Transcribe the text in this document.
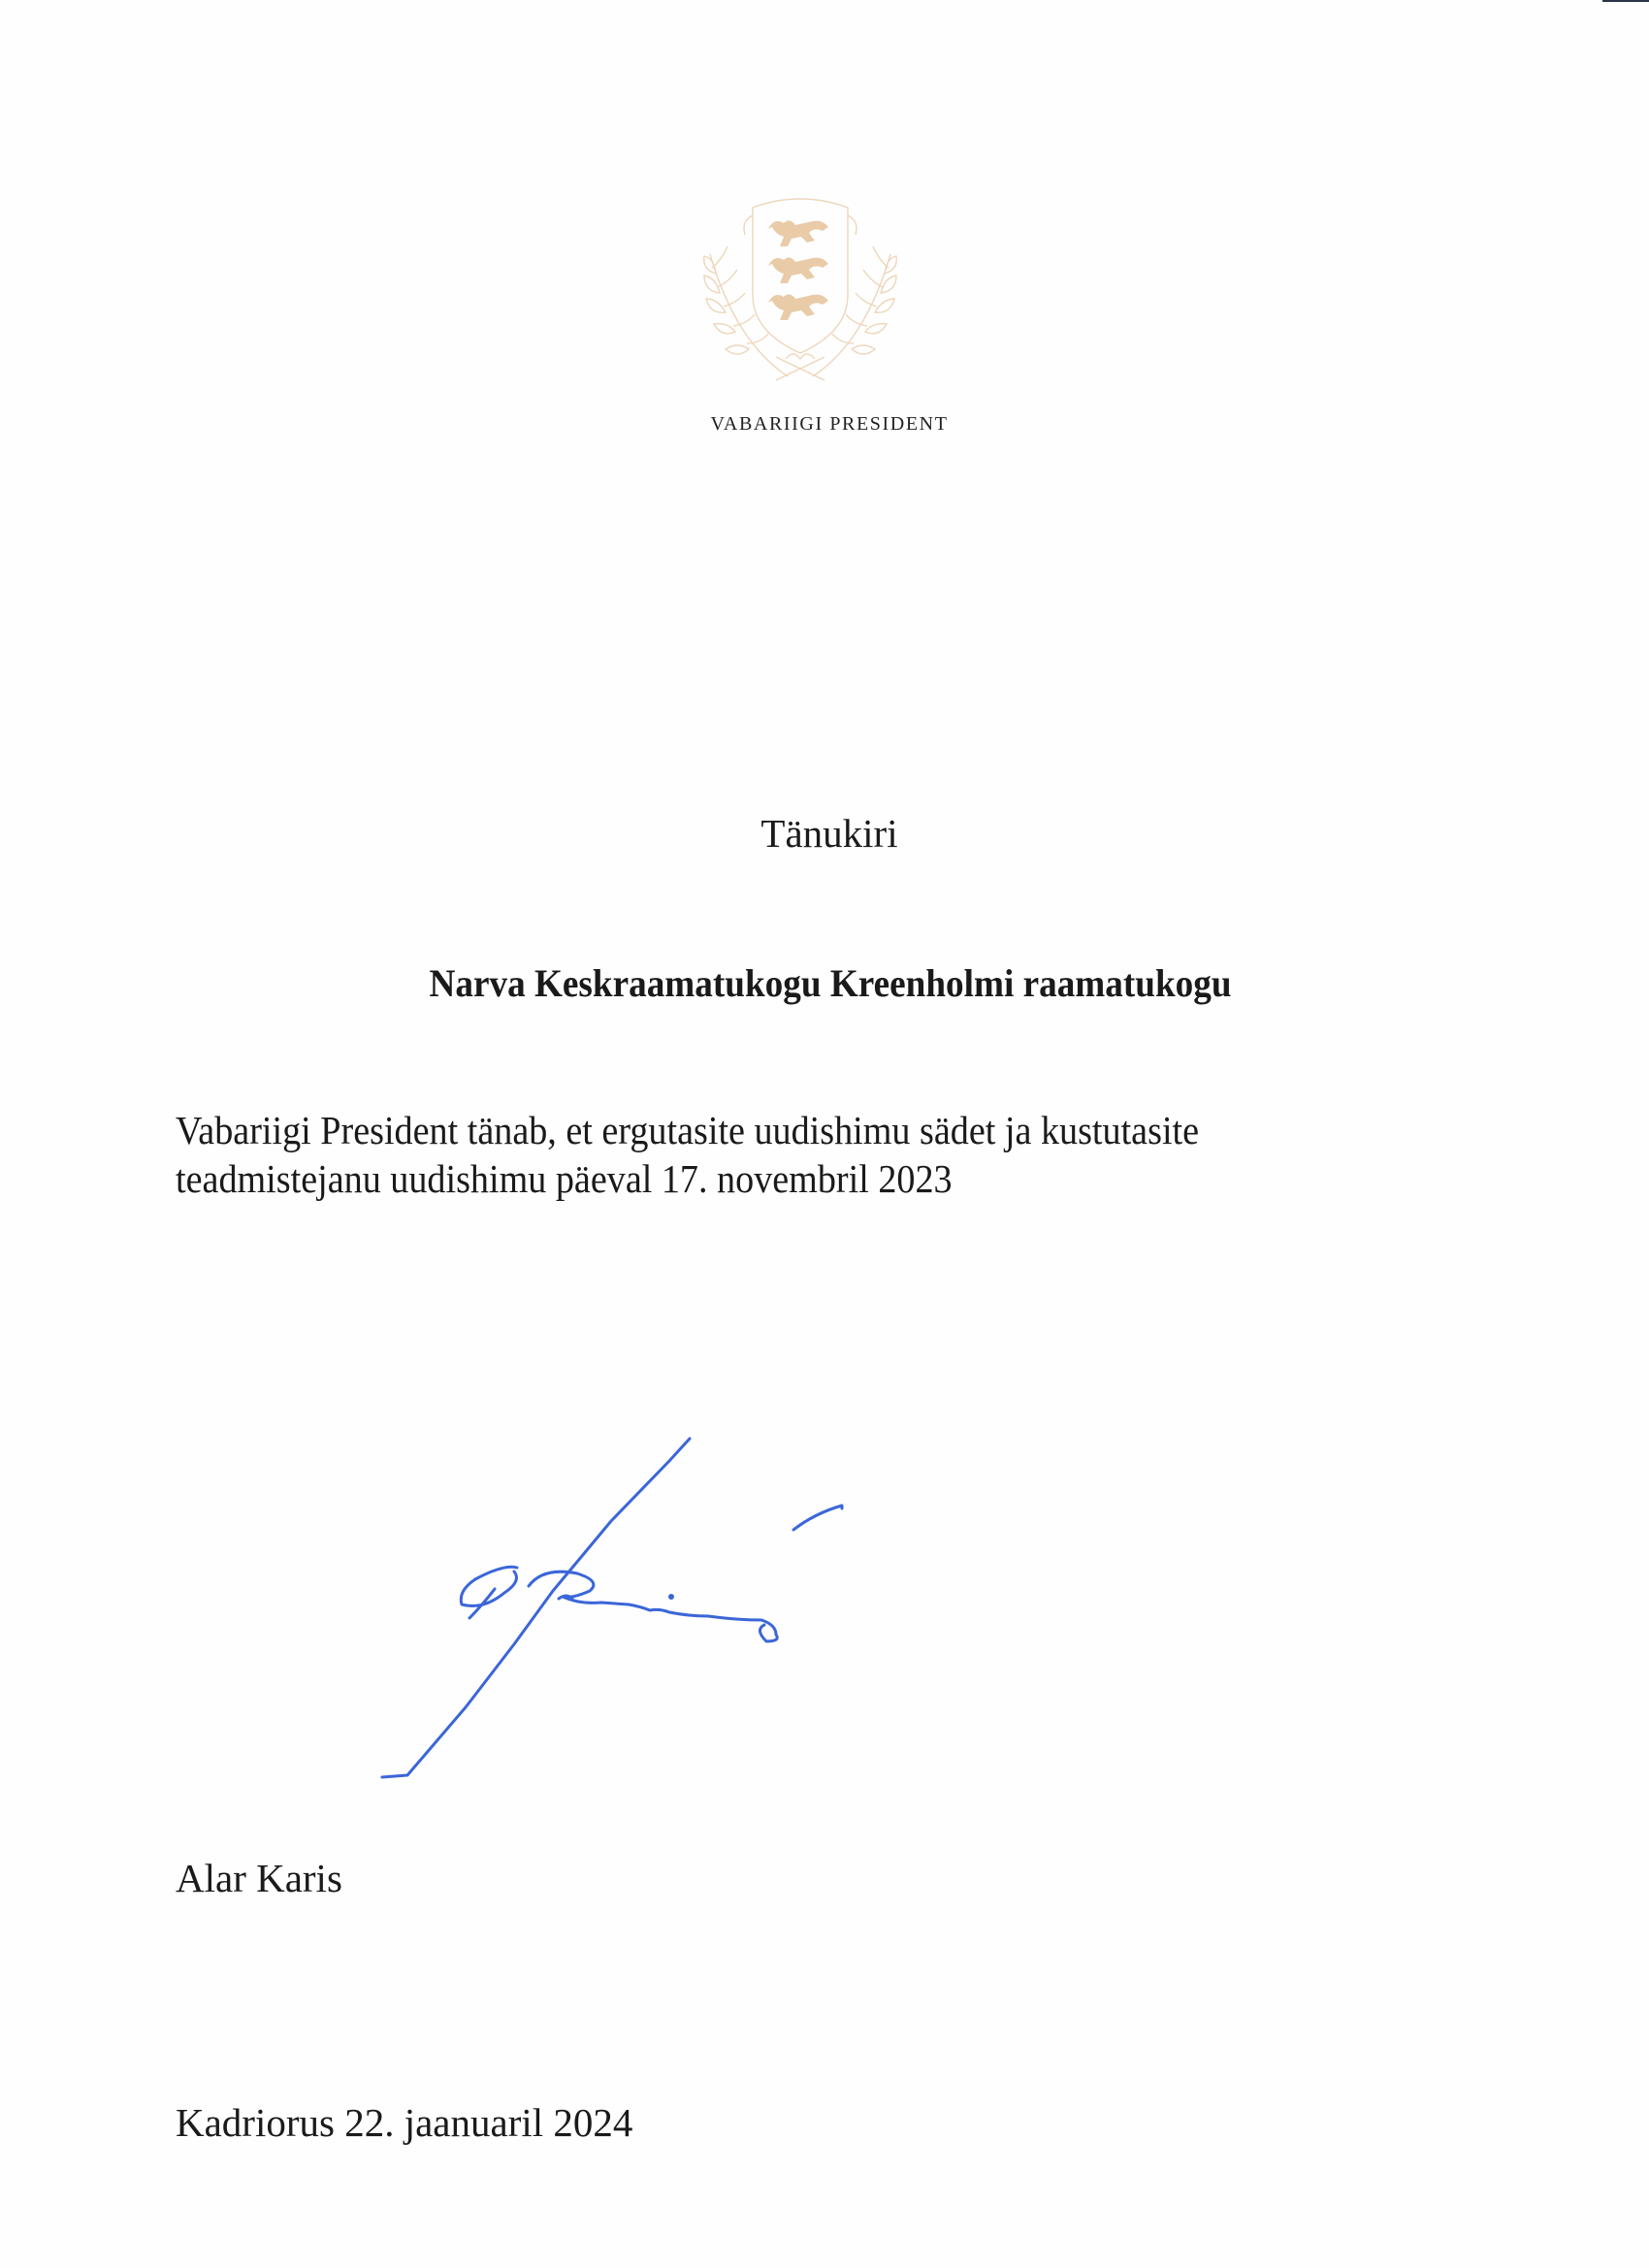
VABARIIGI PRESIDENT
Tänukiri
Narva Keskraamatukogu Kreenholmi raamatukogu
Vabariigi President tänab, et ergutasite uudishimu sädet ja kustutasite
teadmistejanu uudishimu päeval 17. novembril 2023
Alar Karis
Kadriorus 22. jaanuaril 2024
